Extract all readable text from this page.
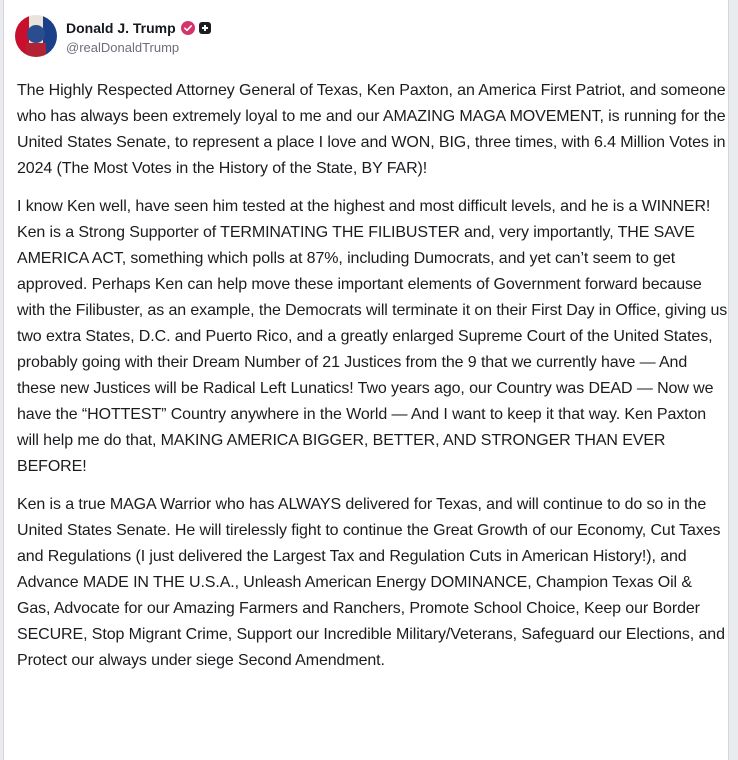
Donald J. Trump
@realDonaldTrump

The Highly Respected Attorney General of Texas, Ken Paxton, an America First Patriot, and someone who has always been extremely loyal to me and our AMAZING MAGA MOVEMENT, is running for the United States Senate, to represent a place I love and WON, BIG, three times, with 6.4 Million Votes in 2024 (The Most Votes in the History of the State, BY FAR)!

I know Ken well, have seen him tested at the highest and most difficult levels, and he is a WINNER! Ken is a Strong Supporter of TERMINATING THE FILIBUSTER and, very importantly, THE SAVE AMERICA ACT, something which polls at 87%, including Dumocrats, and yet can’t seem to get approved. Perhaps Ken can help move these important elements of Government forward because with the Filibuster, as an example, the Democrats will terminate it on their First Day in Office, giving us two extra States, D.C. and Puerto Rico, and a greatly enlarged Supreme Court of the United States, probably going with their Dream Number of 21 Justices from the 9 that we currently have — And these new Justices will be Radical Left Lunatics! Two years ago, our Country was DEAD — Now we have the “HOTTEST” Country anywhere in the World — And I want to keep it that way. Ken Paxton will help me do that, MAKING AMERICA BIGGER, BETTER, AND STRONGER THAN EVER BEFORE!

Ken is a true MAGA Warrior who has ALWAYS delivered for Texas, and will continue to do so in the United States Senate. He will tirelessly fight to continue the Great Growth of our Economy, Cut Taxes and Regulations (I just delivered the Largest Tax and Regulation Cuts in American History!), and Advance MADE IN THE U.S.A., Unleash American Energy DOMINANCE, Champion Texas Oil & Gas, Advocate for our Amazing Farmers and Ranchers, Promote School Choice, Keep our Border SECURE, Stop Migrant Crime, Support our Incredible Military/Veterans, Safeguard our Elections, and Protect our always under siege Second Amendment.
